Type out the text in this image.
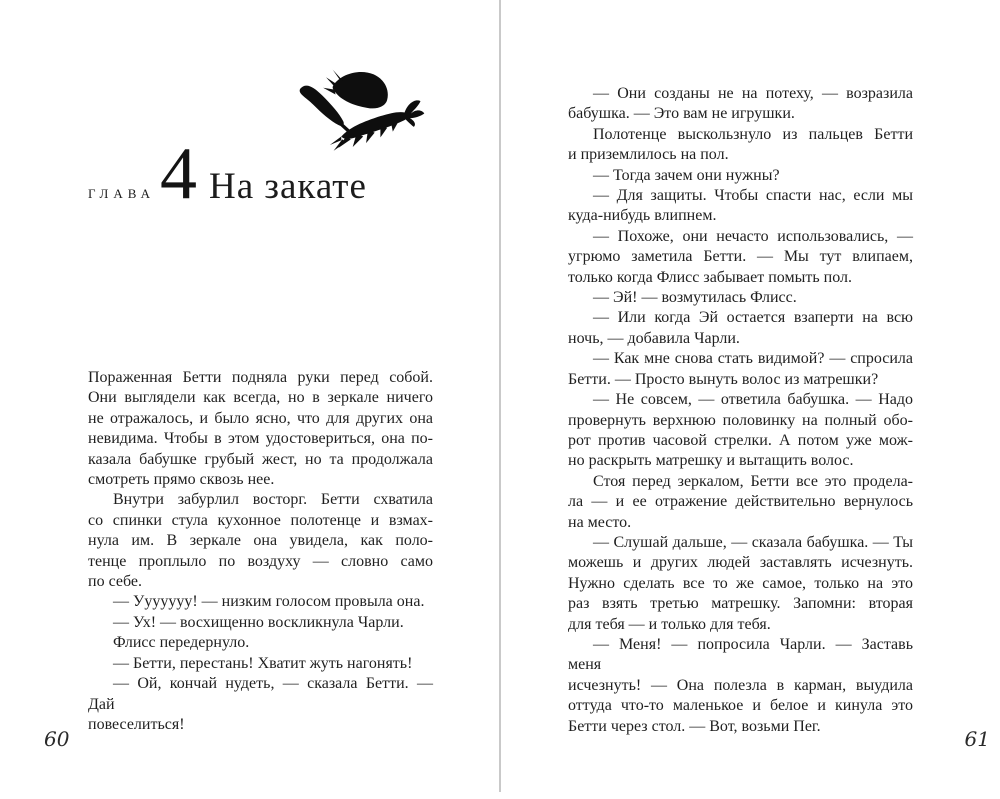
ГЛАВА 4 На закате
Пораженная Бетти подняла руки перед собой.
Они выглядели как всегда, но в зеркале ничего
не отражалось, и было ясно, что для других она
невидима. Чтобы в этом удостовериться, она по-
казала бабушке грубый жест, но та продолжала
смотреть прямо сквозь нее.
Внутри забурлил восторг. Бетти схватила
со спинки стула кухонное полотенце и взмах-
нула им. В зеркале она увидела, как поло-
тенце проплыло по воздуху — словно само
по себе.
— Ууууууу! — низким голосом провыла она.
— Ух! — восхищенно воскликнула Чарли.
Флисс передернуло.
— Бетти, перестань! Хватит жуть нагонять!
— Ой, кончай нудеть, — сказала Бетти. — Дай
повеселиться!
60
— Они созданы не на потеху, — возразила
бабушка. — Это вам не игрушки.
Полотенце выскользнуло из пальцев Бетти
и приземлилось на пол.
— Тогда зачем они нужны?
— Для защиты. Чтобы спасти нас, если мы
куда-нибудь влипнем.
— Похоже, они нечасто использовались, —
угрюмо заметила Бетти. — Мы тут влипаем,
только когда Флисс забывает помыть пол.
— Эй! — возмутилась Флисс.
— Или когда Эй остается взаперти на всю
ночь, — добавила Чарли.
— Как мне снова стать видимой? — спросила
Бетти. — Просто вынуть волос из матрешки?
— Не совсем, — ответила бабушка. — Надо
провернуть верхнюю половинку на полный обо-
рот против часовой стрелки. А потом уже мож-
но раскрыть матрешку и вытащить волос.
Стоя перед зеркалом, Бетти все это продела-
ла — и ее отражение действительно вернулось
на место.
— Слушай дальше, — сказала бабушка. — Ты
можешь и других людей заставлять исчезнуть.
Нужно сделать все то же самое, только на это
раз взять третью матрешку. Запомни: вторая
для тебя — и только для тебя.
— Меня! — попросила Чарли. — Заставь меня
исчезнуть! — Она полезла в карман, выудила
оттуда что-то маленькое и белое и кинула это
Бетти через стол. — Вот, возьми Пег.
61
